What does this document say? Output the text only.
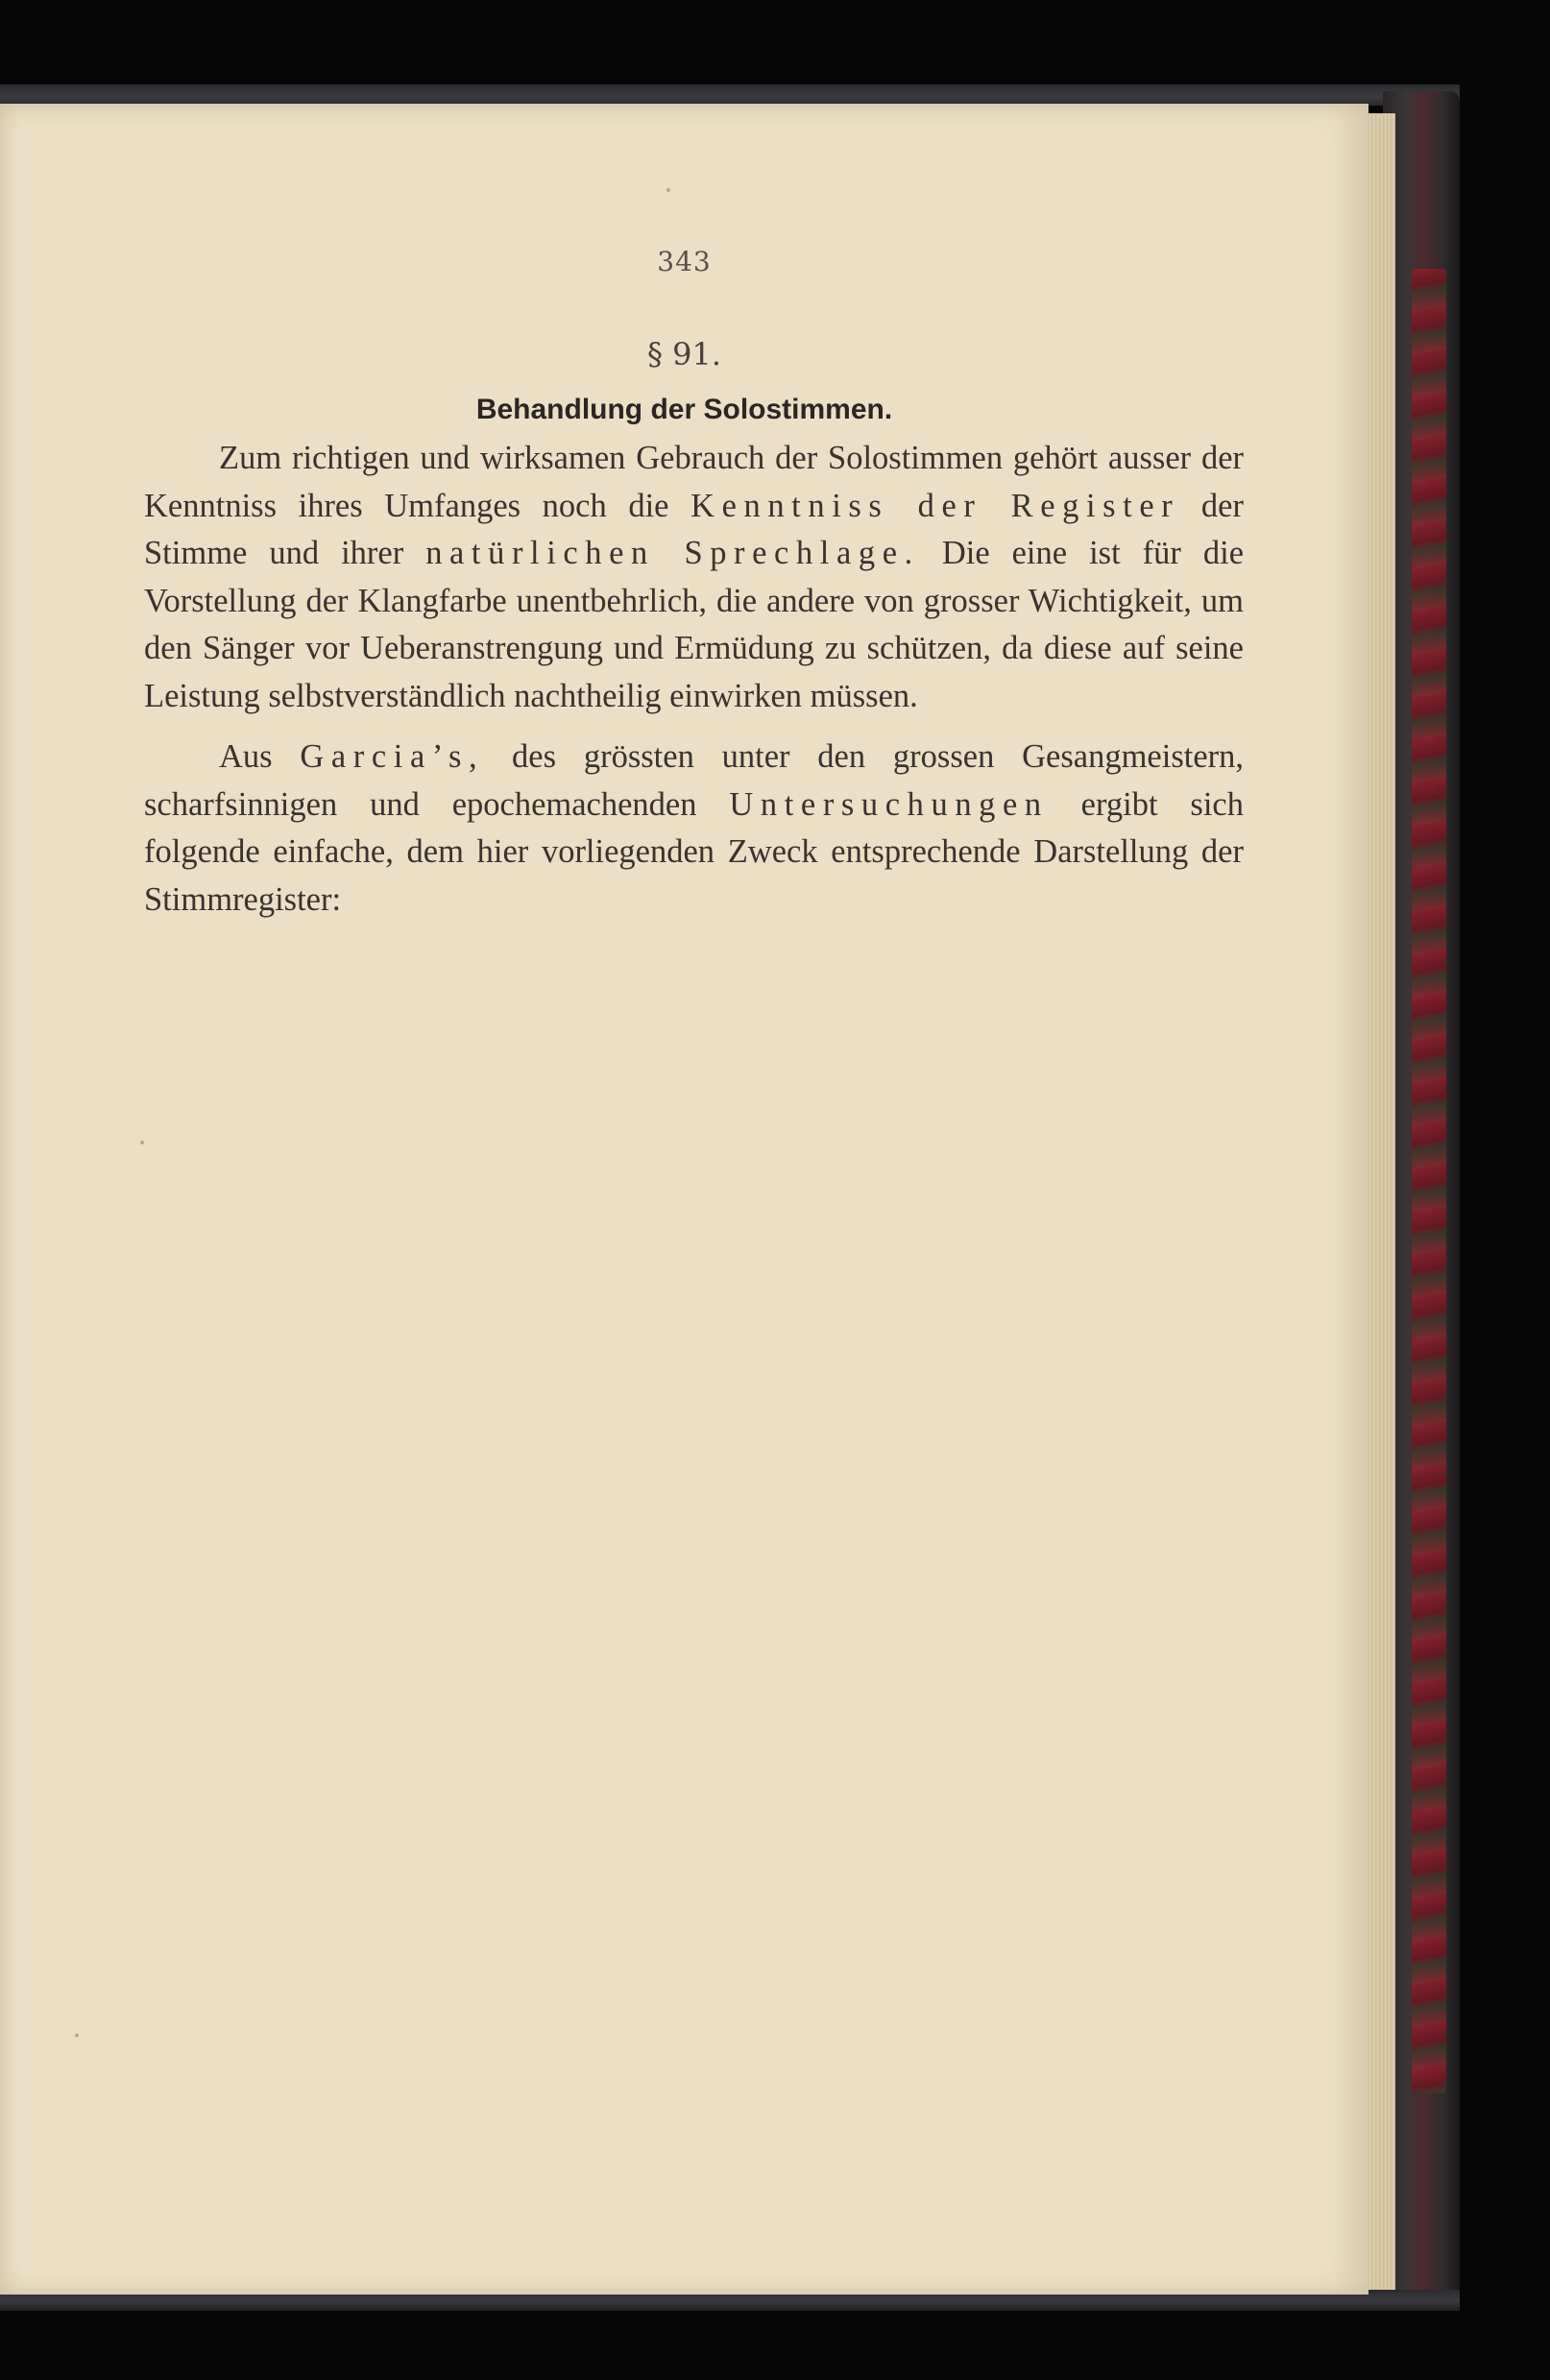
343
§ 91.
Behandlung der Solostimmen.

Zum richtigen und wirksamen Gebrauch der Solostimmen gehört ausser der Kenntniss ihres Umfanges noch die Kenntniss der Register der Stimme und ihrer natürlichen Sprechlage. Die eine ist für die Vorstellung der Klangfarbe unentbehrlich, die andere von grosser Wichtigkeit, um den Sänger vor Ueberanstrengung und Ermüdung zu schützen, da diese auf seine Leistung selbstverständlich nachtheilig einwirken müssen.

Aus Garcia’s, des grössten unter den grossen Gesangmeistern, scharfsinnigen und epochemachenden Untersuchungen ergibt sich folgende einfache, dem hier vorliegenden Zweck entsprechende Darstellung der Stimmregister:
